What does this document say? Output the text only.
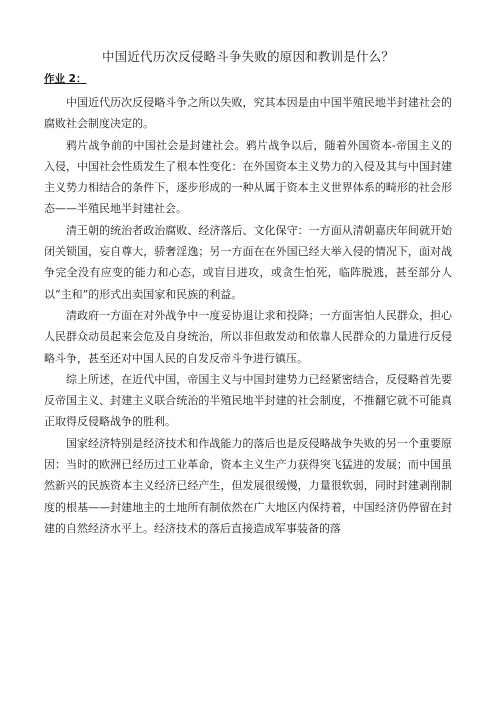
中国近代历次反侵略斗争失败的原因和教训是什么？
作业 2：

中国近代历次反侵略斗争之所以失败，究其本因是由中国半殖民地半封建社会的腐败社会制度决定的。

鸦片战争前的中国社会是封建社会。鸦片战争以后，随着外国资本-帝国主义的入侵，中国社会性质发生了根本性变化：在外国资本主义势力的入侵及其与中国封建主义势力相结合的条件下，逐步形成的一种从属于资本主义世界体系的畸形的社会形态——半殖民地半封建社会。

清王朝的统治者政治腐败、经济落后、文化保守：一方面从清朝嘉庆年间就开始闭关锁国，妄自尊大，骄奢淫逸；另一方面在在外国已经大举入侵的情况下，面对战争完全没有应变的能力和心态，或盲目进攻，或贪生怕死，临阵脱逃，甚至部分人以“主和”的形式出卖国家和民族的利益。

清政府一方面在对外战争中一度妥协退让求和投降；一方面害怕人民群众，担心人民群众动员起来会危及自身统治，所以非但敢发动和依靠人民群众的力量进行反侵略斗争，甚至还对中国人民的自发反帝斗争进行镇压。

综上所述，在近代中国，帝国主义与中国封建势力已经紧密结合，反侵略首先要反帝国主义、封建主义联合统治的半殖民地半封建的社会制度，不推翻它就不可能真正取得反侵略战争的胜利。

国家经济特别是经济技术和作战能力的落后也是反侵略战争失败的另一个重要原因：当时的欧洲已经历过工业革命，资本主义生产力获得突飞猛进的发展；而中国虽然新兴的民族资本主义经济已经产生，但发展很缓慢，力量很软弱，同时封建剥削制度的根基——封建地主的土地所有制依然在广大地区内保持着，中国经济仍停留在封建的自然经济水平上。经济技术的落后直接造成军事装备的落
